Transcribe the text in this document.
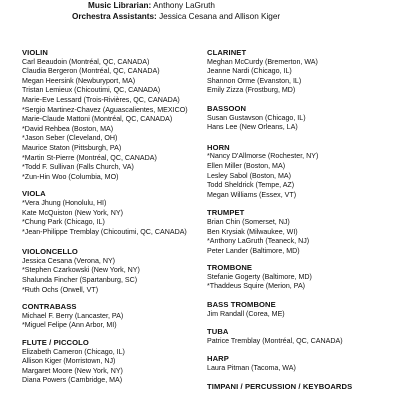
Music Librarian: Anthony LaGruth
Orchestra Assistants: Jessica Cesana and Allison Kiger
VIOLIN
Carl Beaudoin (Montréal, QC, CANADA)
Claudia Bergeron (Montréal, QC, CANADA)
Megan Heersink (Newburyport, MA)
Tristan Lemieux (Chicoutimi, QC, CANADA)
Marie-Eve Lessard (Trois-Rivières, QC, CANADA)
* Sergio Martinez-Chavez (Aguascalientes, MEXICO)
Marie-Claude Mattoni (Montréal, QC, CANADA)
* David Rehbea (Boston, MA)
* Jason Seber (Cleveland, OH)
Maurice Staton (Pittsburgh, PA)
* Martin St-Pierre (Montréal, QC, CANADA)
* Todd F. Sullivan (Falls Church, VA)
* Zun-Hin Woo (Columbia, MO)
VIOLA
* Vera Jhung (Honolulu, HI)
Kate McQuiston (New York, NY)
* Chung Park (Chicago, IL)
* Jean-Philippe Tremblay (Chicoutimi, QC, CANADA)
VIOLONCELLO
Jessica Cesana (Verona, NY)
* Stephen Czarkowski (New York, NY)
Shalunda Fincher (Spartanburg, SC)
* Ruth Ochs (Orwell, VT)
CONTRABASS
Michael F. Berry (Lancaster, PA)
* Miguel Felipe (Ann Arbor, MI)
FLUTE / PICCOLO
Elizabeth Cameron (Chicago, IL)
Allison Kiger (Morristown, NJ)
Margaret Moore (New York, NY)
Diana Powers (Cambridge, MA)
CLARINET
Meghan McCurdy (Bremerton, WA)
Jeanne Nardi (Chicago, IL)
Shannon Orme (Evanston, IL)
Emily Zizza (Frostburg, MD)
BASSOON
Susan Gustavson (Chicago, IL)
Hans Lee (New Orleans, LA)
HORN
* Nancy D'Allmorse (Rochester, NY)
Ellen Miller (Boston, MA)
Lesley Sabol (Boston, MA)
Todd Sheldrick (Tempe, AZ)
Megan Williams (Essex, VT)
TRUMPET
Brian Chin (Somerset, NJ)
Ben Krysiak (Milwaukee, WI)
* Anthony LaGruth (Teaneck, NJ)
Peter Lander (Baltimore, MD)
TROMBONE
Stefanie Gogerty (Baltimore, MD)
* Thaddeus Squire (Merion, PA)
BASS TROMBONE
Jim Randall (Corea, ME)
TUBA
Patrice Tremblay (Montréal, QC, CANADA)
HARP
Laura Pitman (Tacoma, WA)
TIMPANI / PERCUSSION / KEYBOARDS
